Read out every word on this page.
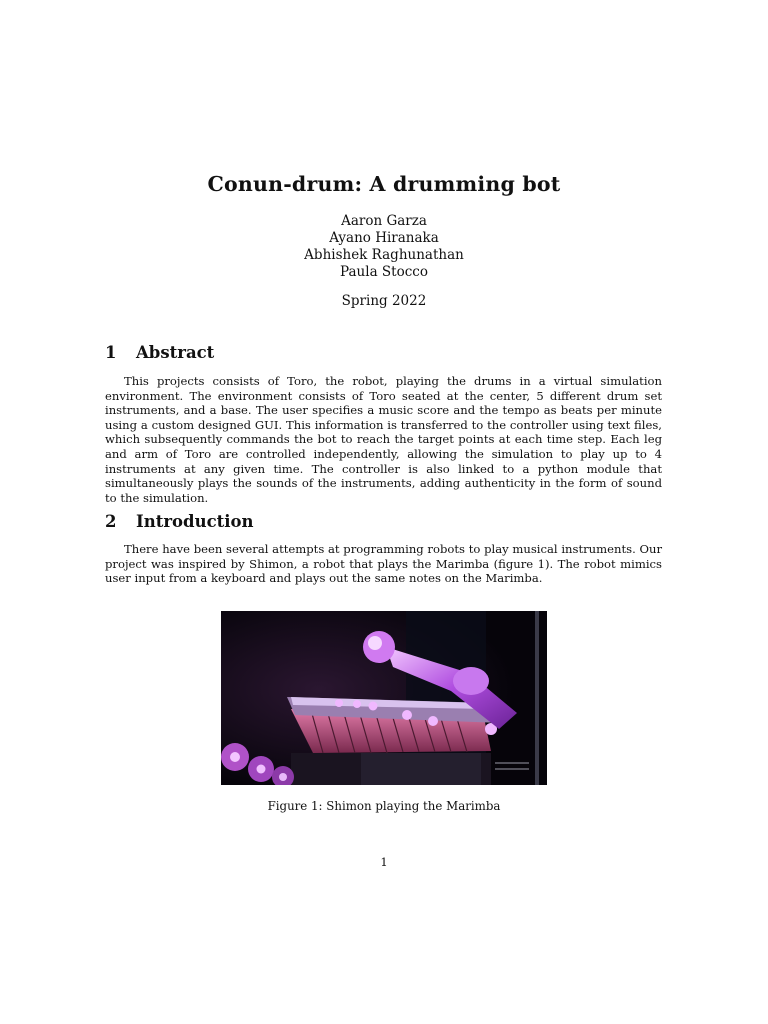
Conun-drum: A drumming bot
Aaron Garza
Ayano Hiranaka
Abhishek Raghunathan
Paula Stocco
Spring 2022
1 Abstract

This projects consists of Toro, the robot, playing the drums in a virtual simulation environment. The environment consists of Toro seated at the center, 5 different drum set instruments, and a base. The user specifies a music score and the tempo as beats per minute using a custom designed GUI. This information is transferred to the controller using text files, which subsequently commands the bot to reach the target points at each time step. Each leg and arm of Toro are controlled independently, allowing the simulation to play up to 4 instruments at any given time. The controller is also linked to a python module that simultaneously plays the sounds of the instruments, adding authenticity in the form of sound to the simulation.

2 Introduction

There have been several attempts at programming robots to play musical instruments. Our project was inspired by Shimon, a robot that plays the Marimba (figure 1). The robot mimics user input from a keyboard and plays out the same notes on the Marimba.

Figure 1: Shimon playing the Marimba
1
